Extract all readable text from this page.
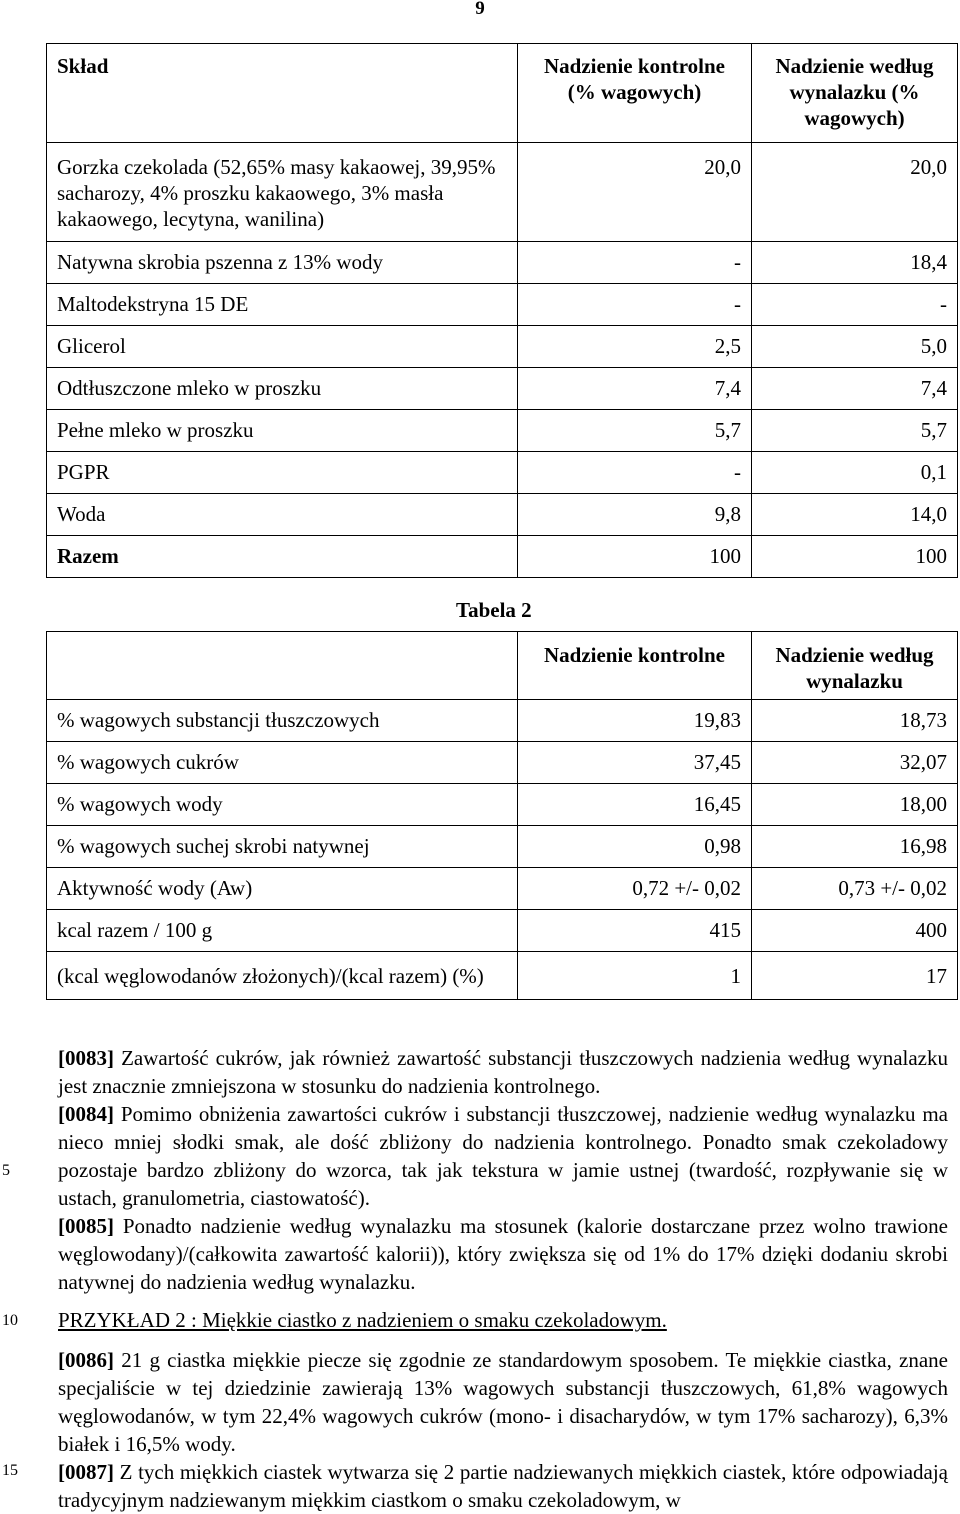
9
Skład	Nadzienie kontrolne (% wagowych)	Nadzienie według wynalazku (% wagowych)
Gorzka czekolada (52,65% masy kakaowej, 39,95% sacharozy, 4% proszku kakaowego, 3% masła kakaowego, lecytyna, wanilina)	20,0	20,0
Natywna skrobia pszenna z 13% wody	-	18,4
Maltodekstryna 15 DE	-	-
Glicerol	2,5	5,0
Odtłuszczone mleko w proszku	7,4	7,4
Pełne mleko w proszku	5,7	5,7
PGPR	-	0,1
Woda	9,8	14,0
Razem	100	100
Tabela 2
	Nadzienie kontrolne	Nadzienie według wynalazku
% wagowych substancji tłuszczowych	19,83	18,73
% wagowych cukrów	37,45	32,07
% wagowych wody	16,45	18,00
% wagowych suchej skrobi natywnej	0,98	16,98
Aktywność wody (Aw)	0,72 +/- 0,02	0,73 +/- 0,02
kcal razem / 100 g	415	400
(kcal węglowodanów złożonych)/(kcal razem) (%)	1	17

[0083] Zawartość cukrów, jak również zawartość substancji tłuszczowych nadzienia według wynalazku jest znacznie zmniejszona w stosunku do nadzienia kontrolnego.

[0084] Pomimo obniżenia zawartości cukrów i substancji tłuszczowej, nadzienie według wynalazku ma nieco mniej słodki smak, ale dość zbliżony do nadzienia kontrolnego. Ponadto smak czekoladowy pozostaje bardzo zbliżony do wzorca, tak jak tekstura w jamie ustnej (twardość, rozpływanie się w ustach, granulometria, ciastowatość).

[0085] Ponadto nadzienie według wynalazku ma stosunek (kalorie dostarczane przez wolno trawione węglowodany)/(całkowita zawartość kalorii)), który zwiększa się od 1% do 17% dzięki dodaniu skrobi natywnej do nadzienia według wynalazku.

PRZYKŁAD 2 : Miękkie ciastko z nadzieniem o smaku czekoladowym.

[0086] 21 g ciastka miękkie piecze się zgodnie ze standardowym sposobem. Te miękkie ciastka, znane specjaliście w tej dziedzinie zawierają 13% wagowych substancji tłuszczowych, 61,8% wagowych węglowodanów, w tym 22,4% wagowych cukrów (mono- i disacharydów, w tym 17% sacharozy), 6,3% białek i 16,5% wody.

[0087] Z tych miękkich ciastek wytwarza się 2 partie nadziewanych miękkich ciastek, które odpowiadają tradycyjnym nadziewanym miękkim ciastkom o smaku czekoladowym, w

5
10
15
